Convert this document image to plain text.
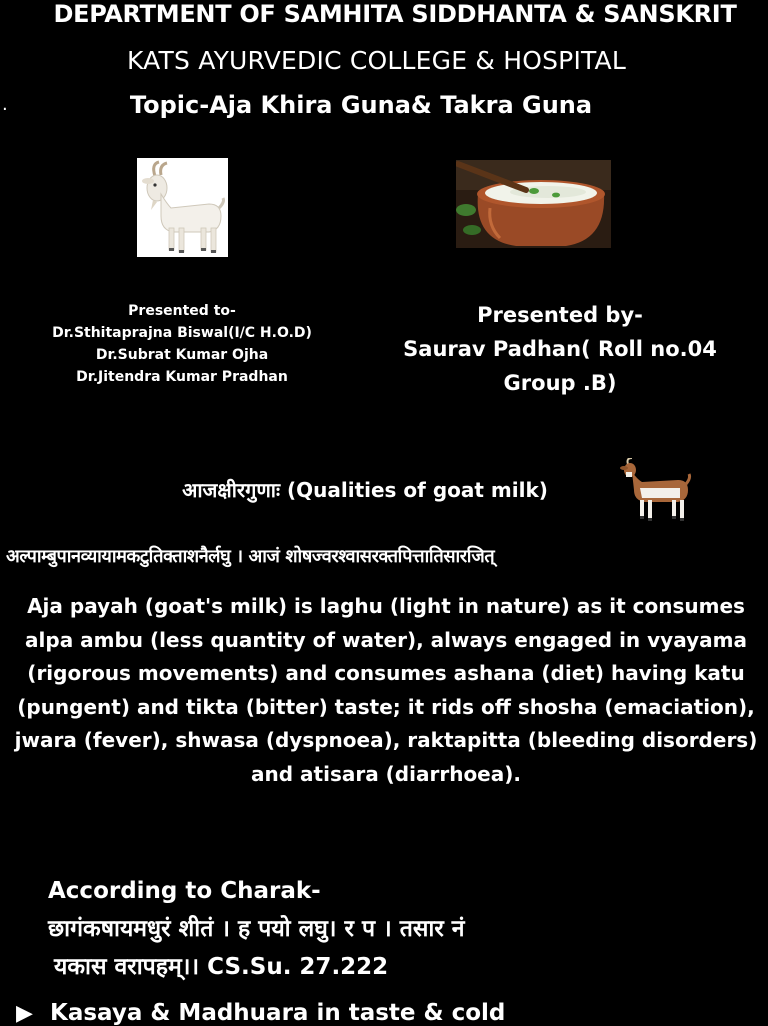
DEPARTMENT OF SAMHITA SIDDHANTA & SANSKRIT
KATS AYURVEDIC COLLEGE & HOSPITAL
.	Topic-Aja Khira Guna& Takra Guna
Presented to-
Dr.Sthitaprajna Biswal(I/C H.O.D)
Dr.Subrat Kumar Ojha
Dr.Jitendra Kumar Pradhan
Presented by-
Saurav Padhan( Roll no.04
Group .B)
आजक्षीरगुणाः (Qualities of goat milk)
अल्पाम्बुपानव्यायामकटुतिक्ताशनैर्लघु । आजं शोषज्वरश्वासरक्तपित्तातिसारजित्
Aja payah (goat's milk) is laghu (light in nature) as it consumes alpa ambu (less quantity of water), always engaged in vyayama (rigorous movements) and consumes ashana (diet) having katu (pungent) and tikta (bitter) taste; it rids off shosha (emaciation), jwara (fever), shwasa (dyspnoea), raktapitta (bleeding disorders) and atisara (diarrhoea).
According to Charak-
छागंकषायमधुरं शीतं । ह पयो लघु। र प । तसार नं
यकास वरापहम्।। CS.Su. 27.222
▶ Kasaya & Madhuara in taste & cold
